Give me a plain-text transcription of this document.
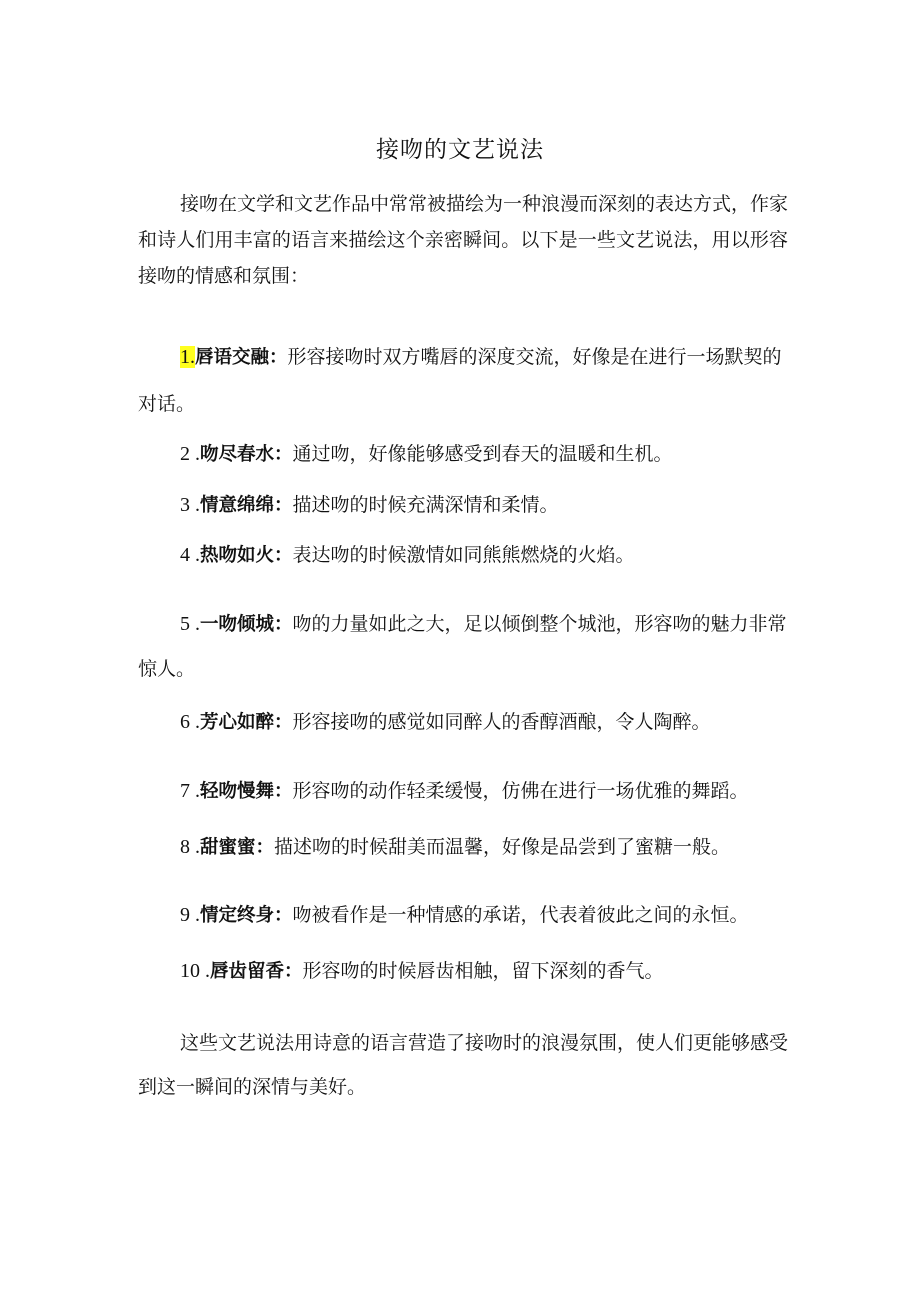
接吻的文艺说法
接吻在文学和文艺作品中常常被描绘为一种浪漫而深刻的表达方式，作家和诗人们用丰富的语言来描绘这个亲密瞬间。以下是一些文艺说法，用以形容接吻的情感和氛围：
1.唇语交融：形容接吻时双方嘴唇的深度交流，好像是在进行一场默契的对话。
2 .吻尽春水：通过吻，好像能够感受到春天的温暖和生机。
3 .情意绵绵：描述吻的时候充满深情和柔情。
4 .热吻如火：表达吻的时候激情如同熊熊燃烧的火焰。
5 .一吻倾城：吻的力量如此之大，足以倾倒整个城池，形容吻的魅力非常惊人。
6 .芳心如醉：形容接吻的感觉如同醉人的香醇酒酿，令人陶醉。
7 .轻吻慢舞：形容吻的动作轻柔缓慢，仿佛在进行一场优雅的舞蹈。
8 .甜蜜蜜：描述吻的时候甜美而温馨，好像是品尝到了蜜糖一般。
9 .情定终身：吻被看作是一种情感的承诺，代表着彼此之间的永恒。
10 .唇齿留香：形容吻的时候唇齿相触，留下深刻的香气。
这些文艺说法用诗意的语言营造了接吻时的浪漫氛围，使人们更能够感受到这一瞬间的深情与美好。
